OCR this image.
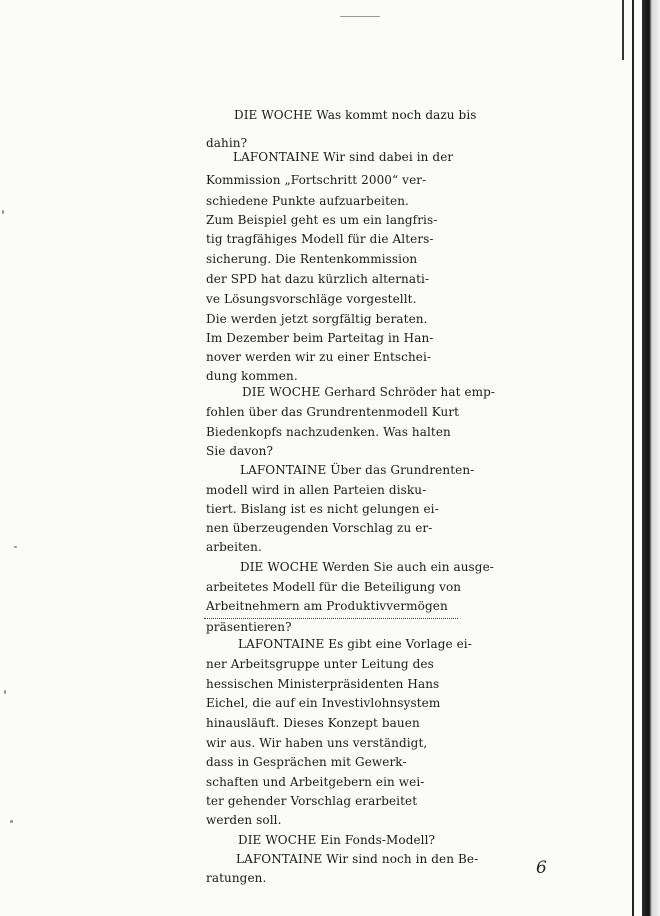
DIE WOCHE Was kommt noch dazu bis
dahin?
LAFONTAINE Wir sind dabei in der
Kommission „Fortschritt 2000“ ver-
schiedene Punkte aufzuarbeiten.
Zum Beispiel geht es um ein langfris-
tig tragfähiges Modell für die Alters-
sicherung. Die Rentenkommission
der SPD hat dazu kürzlich alternati-
ve Lösungsvorschläge vorgestellt.
Die werden jetzt sorgfältig beraten.
Im Dezember beim Parteitag in Han-
nover werden wir zu einer Entschei-
dung kommen.
DIE WOCHE Gerhard Schröder hat emp-
fohlen über das Grundrentenmodell Kurt
Biedenkopfs nachzudenken. Was halten
Sie davon?
LAFONTAINE Über das Grundrenten-
modell wird in allen Parteien disku-
tiert. Bislang ist es nicht gelungen ei-
nen überzeugenden Vorschlag zu er-
arbeiten.
DIE WOCHE Werden Sie auch ein ausge-
arbeitetes Modell für die Beteiligung von
Arbeitnehmern am Produktivvermögen
präsentieren?
LAFONTAINE Es gibt eine Vorlage ei-
ner Arbeitsgruppe unter Leitung des
hessischen Ministerpräsidenten Hans
Eichel, die auf ein Investivlohnsystem
hinausläuft. Dieses Konzept bauen
wir aus. Wir haben uns verständigt,
dass in Gesprächen mit Gewerk-
schaften und Arbeitgebern ein wei-
ter gehender Vorschlag erarbeitet
werden soll.
DIE WOCHE Ein Fonds-Modell?
LAFONTAINE Wir sind noch in den Be-
ratungen.	6
